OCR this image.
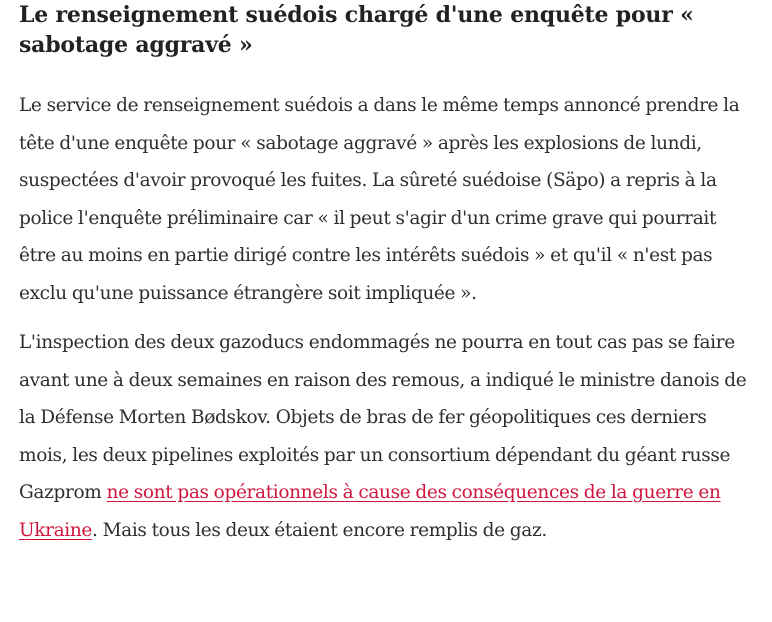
Le renseignement suédois chargé d'une enquête pour « sabotage aggravé »

Le service de renseignement suédois a dans le même temps annoncé prendre la tête d'une enquête pour « sabotage aggravé » après les explosions de lundi, suspectées d'avoir provoqué les fuites. La sûreté suédoise (Säpo) a repris à la police l'enquête préliminaire car « il peut s'agir d'un crime grave qui pourrait être au moins en partie dirigé contre les intérêts suédois » et qu'il « n'est pas exclu qu'une puissance étrangère soit impliquée ».

L'inspection des deux gazoducs endommagés ne pourra en tout cas pas se faire avant une à deux semaines en raison des remous, a indiqué le ministre danois de la Défense Morten Bødskov. Objets de bras de fer géopolitiques ces derniers mois, les deux pipelines exploités par un consortium dépendant du géant russe Gazprom ne sont pas opérationnels à cause des conséquences de la guerre en Ukraine. Mais tous les deux étaient encore remplis de gaz.
